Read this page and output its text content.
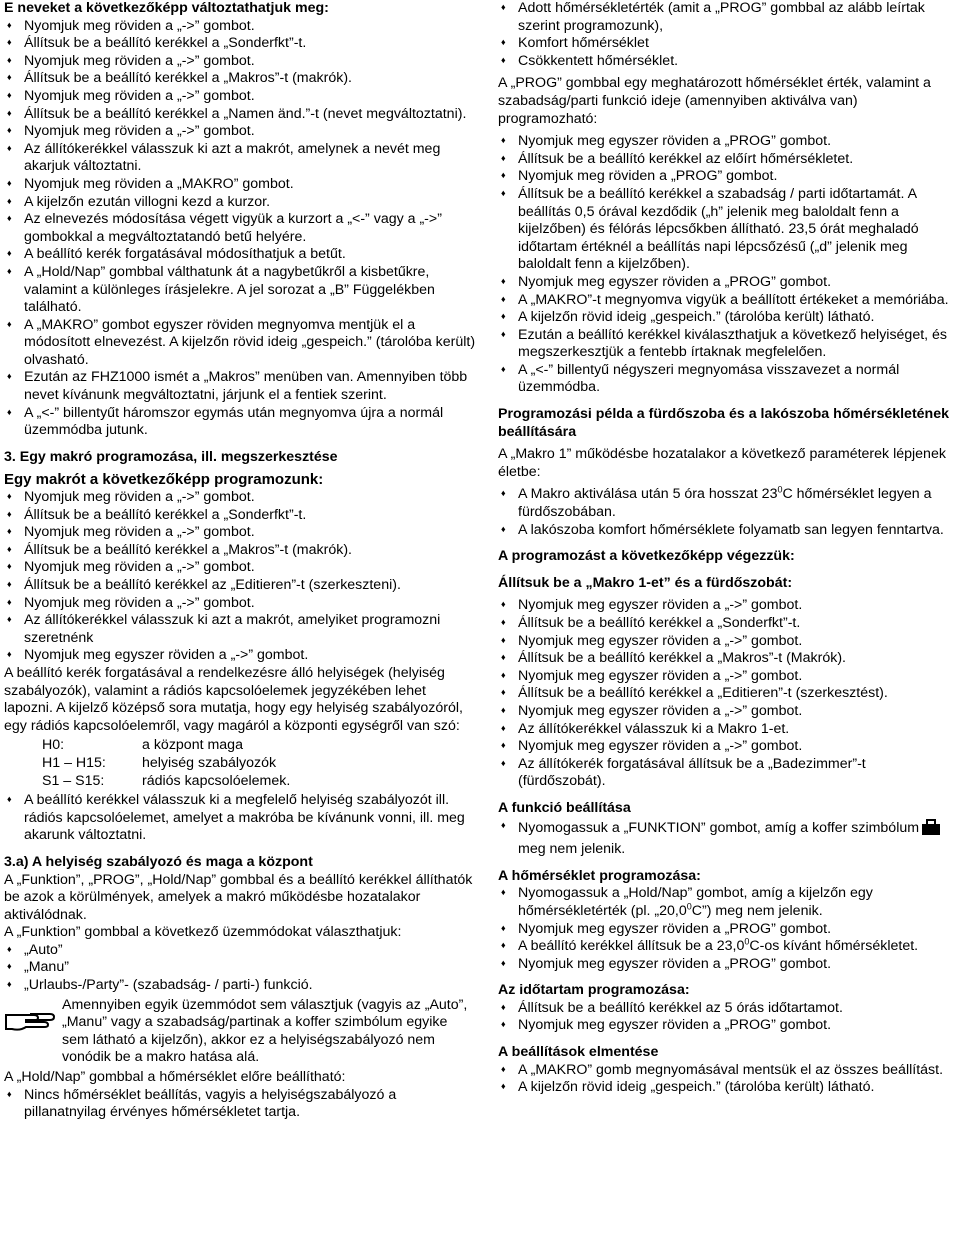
E neveket a következőképp változtathatjuk meg:

♦ Nyomjuk meg röviden a „->” gombot.

♦ Állítsuk be a beállító kerékkel a „Sonderfkt”-t.

♦ Nyomjuk meg röviden a „->” gombot.

♦ Állítsuk be a beállító kerékkel a „Makros”-t (makrók).

♦ Nyomjuk meg röviden a „->” gombot.

♦ Állítsuk be a beállító kerékkel a „Namen änd.”-t (nevet megváltoztatni).

♦ Nyomjuk meg röviden a „->” gombot.

♦ Az állítókerékkel válasszuk ki azt a makrót, amelynek a nevét meg akarjuk változtatni.

♦ Nyomjuk meg röviden a „MAKRO” gombot.

♦ A kijelzőn ezután villogni kezd a kurzor.

♦ Az elnevezés módosítása végett vigyük a kurzort a „<-” vagy a „->” gombokkal a megváltoztatandó betű helyére.

♦ A beállító kerék forgatásával módosíthatjuk a betűt.

♦ A „Hold/Nap” gombbal válthatunk át a nagybetűkről a kisbetűkre, valamint a különleges írásjelekre. A jel sorozat a „B” Függelékben található.

♦ A „MAKRO” gombot egyszer röviden megnyomva mentjük el a módosított elnevezést. A kijelzőn rövid ideig „gespeich.” (tárolóba került) olvasható.

♦ Ezután az FHZ1000 ismét a „Makros” menüben van. Amennyiben több nevet kívánunk megváltoztatni, járjunk el a fentiek szerint.

♦ A „<-” billentyűt háromszor egymás után megnyomva újra a normál üzemmódba jutunk.

3. Egy makró programozása, ill. megszerkesztése

Egy makrót a következőképp programozunk:

♦ Nyomjuk meg röviden a „->” gombot.

♦ Állítsuk be a beállító kerékkel a „Sonderfkt”-t.

♦ Nyomjuk meg röviden a „->” gombot.

♦ Állítsuk be a beállító kerékkel a „Makros”-t (makrók).

♦ Nyomjuk meg röviden a „->” gombot.

♦ Állítsuk be a beállító kerékkel az „Editieren”-t (szerkeszteni).

♦ Nyomjuk meg röviden a „->” gombot.

♦ Az állítókerékkel válasszuk ki azt a makrót, amelyiket programozni szeretnénk

♦ Nyomjuk meg egyszer röviden a „->” gombot.

A beállító kerék forgatásával a rendelkezésre álló helyiségek (helyiség szabályozók), valamint a rádiós kapcsolóelemek jegyzékében lehet lapozni. A kijelző középső sora mutatja, hogy egy helyiség szabályozóról, egy rádiós kapcsolóelemről, vagy magáról a központi egységről van szó:

H0:	a központ maga
H1 – H15:	helyiség szabályozók
S1 – S15:	rádiós kapcsolóelemek.

♦ A beállító kerékkel válasszuk ki a megfelelő helyiség szabályozót ill. rádiós kapcsolóelemet, amelyet a makróba be kívánunk vonni, ill. meg akarunk változtatni.

3.a) A helyiség szabályozó és maga a központ

A „Funktion”, „PROG”, „Hold/Nap” gombbal és a beállító kerékkel állíthatók be azok a körülmények, amelyek a makró működésbe hozatalakor aktiválódnak.

A „Funktion” gombbal a következő üzemmódokat választhatjuk:

♦ „Auto”

♦ „Manu”

♦ „Urlaubs-/Party”- (szabadság- / parti-) funkció.

Amennyiben egyik üzemmódot sem választjuk (vagyis az „Auto”, „Manu” vagy a szabadság/partinak a koffer szimbólum egyike sem látható a kijelzőn), akkor ez a helyiségszabályozó nem vonódik be a makro hatása alá.

A „Hold/Nap” gombbal a hőmérséklet előre beállítható:

♦ Nincs hőmérséklet beállítás, vagyis a helyiségszabályozó a pillanatnyilag érvényes hőmérsékletet tartja.

♦ Adott hőmérsékletérték (amit a „PROG” gombbal az alább leírtak szerint programozunk),

♦ Komfort hőmérséklet

♦ Csökkentett hőmérséklet.

A „PROG” gombbal egy meghatározott hőmérséklet érték, valamint a szabadság/parti funkció ideje (amennyiben aktiválva van) programozható:

♦ Nyomjuk meg egyszer röviden a „PROG” gombot.

♦ Állítsuk be a beállító kerékkel az előírt hőmérsékletet.

♦ Nyomjuk meg röviden a „PROG” gombot.

♦ Állítsuk be a beállító kerékkel a szabadság / parti időtartamát. A beállítás 0,5 órával kezdődik („h” jelenik meg baloldalt fenn a kijelzőben) és félórás lépcsőkben állítható. 23,5 órát meghaladó időtartam értéknél a beállítás napi lépcsőzésű („d” jelenik meg baloldalt fenn a kijelzőben).

♦ Nyomjuk meg egyszer röviden a „PROG” gombot.

♦ A „MAKRO”-t megnyomva vigyük a beállított értékeket a memóriába.

♦ A kijelzőn rövid ideig „gespeich.” (tárolóba került) látható.

♦ Ezután a beállító kerékkel kiválaszthatjuk a következő helyiséget, és megszerkesztjük a fentebb írtaknak megfelelően.

♦ A „<-” billentyű négyszeri megnyomása visszavezet a normál üzemmódba.

Programozási példa a fürdőszoba és a lakószoba hőmérsékletének beállítására

A „Makro 1” működésbe hozatalakor a következő paraméterek lépjenek életbe:

♦ A Makro aktiválása után 5 óra hosszat $23^0C$ hőmérséklet legyen a fürdőszobában.

♦ A lakószoba komfort hőmérséklete folyamatb san legyen fenntartva.

A programozást a következőképp végezzük:

Állítsuk be a „Makro 1-et” és a fürdőszobát:

♦ Nyomjuk meg egyszer röviden a „->” gombot.

♦ Állítsuk be a beállító kerékkel a „Sonderfkt”-t.

♦ Nyomjuk meg egyszer röviden a „->” gombot.

♦ Állítsuk be a beállító kerékkel a „Makros”-t (Makrók).

♦ Nyomjuk meg egyszer röviden a „->” gombot.

♦ Állítsuk be a beállító kerékkel a „Editieren”-t (szerkesztést).

♦ Nyomjuk meg egyszer röviden a „->” gombot.

♦ Az állítókerékkel válasszuk ki a Makro 1-et.

♦ Nyomjuk meg egyszer röviden a „->” gombot.

♦ Az állítókerék forgatásával állítsuk be a „Badezimmer”-t (fürdőszobát).

A funkció beállítása

♦ Nyomogassuk a „FUNKTION” gombot, amíg a koffer szimbólummeg nem jelenik.

A hőmérséklet programozása:

♦ Nyomogassuk a „Hold/Nap” gombot, amíg a kijelzőn egy hőmérsékletérték (pl. „20,0$^0$C”) meg nem jelenik.

♦ Nyomjuk meg egyszer röviden a „PROG” gombot.

♦ A beállító kerékkel állítsuk be a 23,0$^0$C-os kívánt hőmérsékletet.

♦ Nyomjuk meg egyszer röviden a „PROG” gombot.

Az időtartam programozása:

♦ Állítsuk be a beállító kerékkel az 5 órás időtartamot.

♦ Nyomjuk meg egyszer röviden a „PROG” gombot.

A beállítások elmentése

♦ A „MAKRO” gomb megnyomásával mentsük el az összes beállítást.

♦ A kijelzőn rövid ideig „gespeich.” (tárolóba került) látható.
